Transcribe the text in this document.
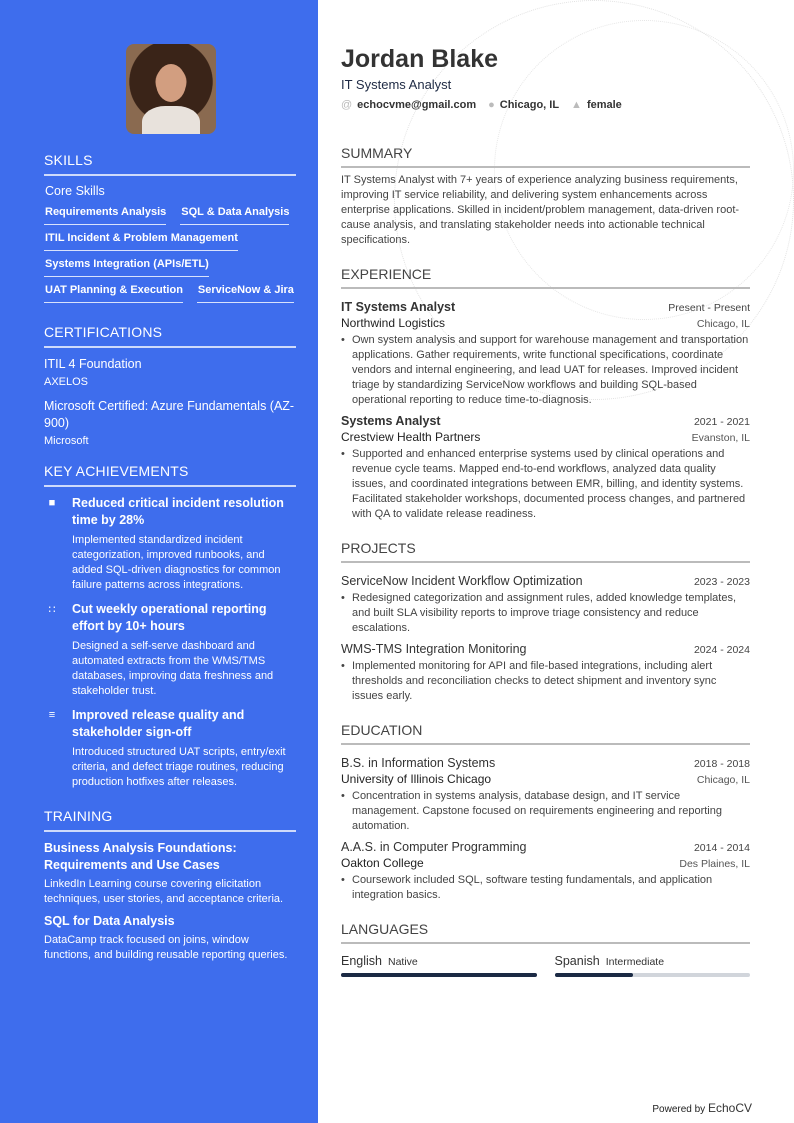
SKILLS
Core Skills
Requirements Analysis SQL & Data Analysis
ITIL Incident & Problem Management
Systems Integration (APIs/ETL)
UAT Planning & Execution ServiceNow & Jira
CERTIFICATIONS
ITIL 4 Foundation
AXELOS
Microsoft Certified: Azure Fundamentals (AZ-900)
Microsoft
KEY ACHIEVEMENTS
■	Reduced critical incident resolution time by 28%
Implemented standardized incident categorization, improved runbooks, and added SQL-driven diagnostics for common failure patterns across integrations.
∷	Cut weekly operational reporting effort by 10+ hours
Designed a self-serve dashboard and automated extracts from the WMS/TMS databases, improving data freshness and stakeholder trust.
≡	Improved release quality and stakeholder sign-off
Introduced structured UAT scripts, entry/exit criteria, and defect triage routines, reducing production hotfixes after releases.
TRAINING
Business Analysis Foundations: Requirements and Use Cases
LinkedIn Learning course covering elicitation techniques, user stories, and acceptance criteria.
SQL for Data Analysis
DataCamp track focused on joins, window functions, and building reusable reporting queries.
Jordan Blake
IT Systems Analyst
@ echocvme@gmail.com ● Chicago, IL ▲ female
SUMMARY
IT Systems Analyst with 7+ years of experience analyzing business requirements, improving IT service reliability, and delivering system enhancements across enterprise applications. Skilled in incident/problem management, data-driven root-cause analysis, and translating stakeholder needs into actionable technical specifications.
EXPERIENCE
IT Systems Analyst	Present - Present
Northwind Logistics	Chicago, IL
• Own system analysis and support for warehouse management and transportation applications. Gather requirements, write functional specifications, coordinate vendors and internal engineering, and lead UAT for releases. Improved incident triage by standardizing ServiceNow workflows and building SQL-based operational reporting to reduce time-to-diagnosis.
Systems Analyst	2021 - 2021
Crestview Health Partners	Evanston, IL
• Supported and enhanced enterprise systems used by clinical operations and revenue cycle teams. Mapped end-to-end workflows, analyzed data quality issues, and coordinated integrations between EMR, billing, and identity systems. Facilitated stakeholder workshops, documented process changes, and partnered with QA to validate release readiness.
PROJECTS
ServiceNow Incident Workflow Optimization	2023 - 2023
• Redesigned categorization and assignment rules, added knowledge templates, and built SLA visibility reports to improve triage consistency and reduce escalations.
WMS-TMS Integration Monitoring	2024 - 2024
• Implemented monitoring for API and file-based integrations, including alert thresholds and reconciliation checks to detect shipment and inventory sync issues early.
EDUCATION
B.S. in Information Systems	2018 - 2018
University of Illinois Chicago	Chicago, IL
• Concentration in systems analysis, database design, and IT service management. Capstone focused on requirements engineering and reporting automation.
A.A.S. in Computer Programming	2014 - 2014
Oakton College	Des Plaines, IL
• Coursework included SQL, software testing fundamentals, and application integration basics.
LANGUAGES
English Native	Spanish Intermediate
Powered by EchoCV
